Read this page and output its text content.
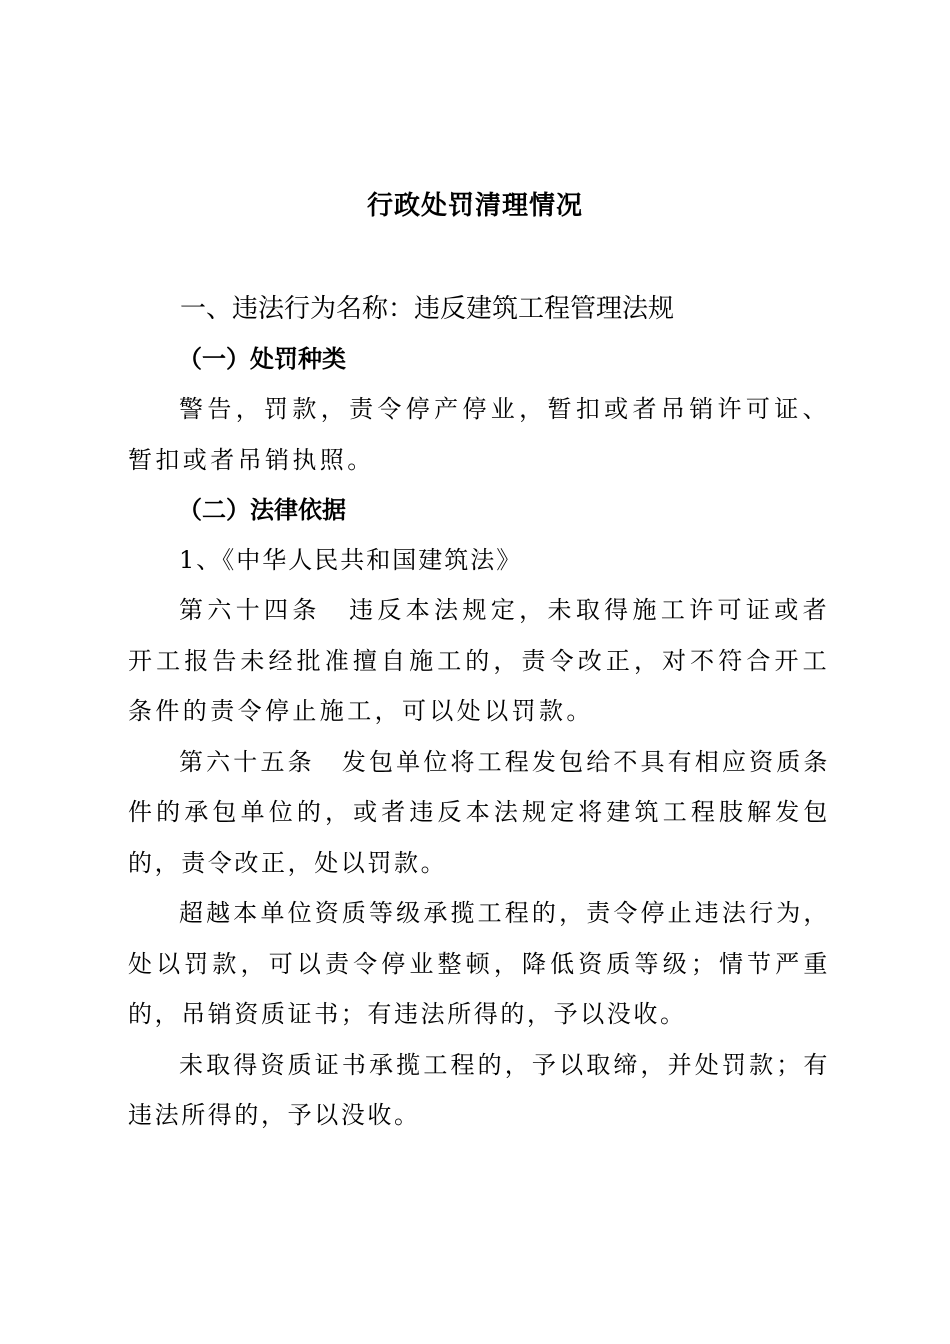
行政处罚清理情况

一、违法行为名称：违反建筑工程管理法规

（一）处罚种类

警告，罚款，责令停产停业，暂扣或者吊销许可证、暂扣或者吊销执照。

（二）法律依据

1、《中华人民共和国建筑法》

第六十四条　违反本法规定，未取得施工许可证或者开工报告未经批准擅自施工的，责令改正，对不符合开工条件的责令停止施工，可以处以罚款。

第六十五条　发包单位将工程发包给不具有相应资质条件的承包单位的，或者违反本法规定将建筑工程肢解发包的，责令改正，处以罚款。

超越本单位资质等级承揽工程的，责令停止违法行为，处以罚款，可以责令停业整顿，降低资质等级；情节严重的，吊销资质证书；有违法所得的，予以没收。

未取得资质证书承揽工程的，予以取缔，并处罚款；有违法所得的，予以没收。
